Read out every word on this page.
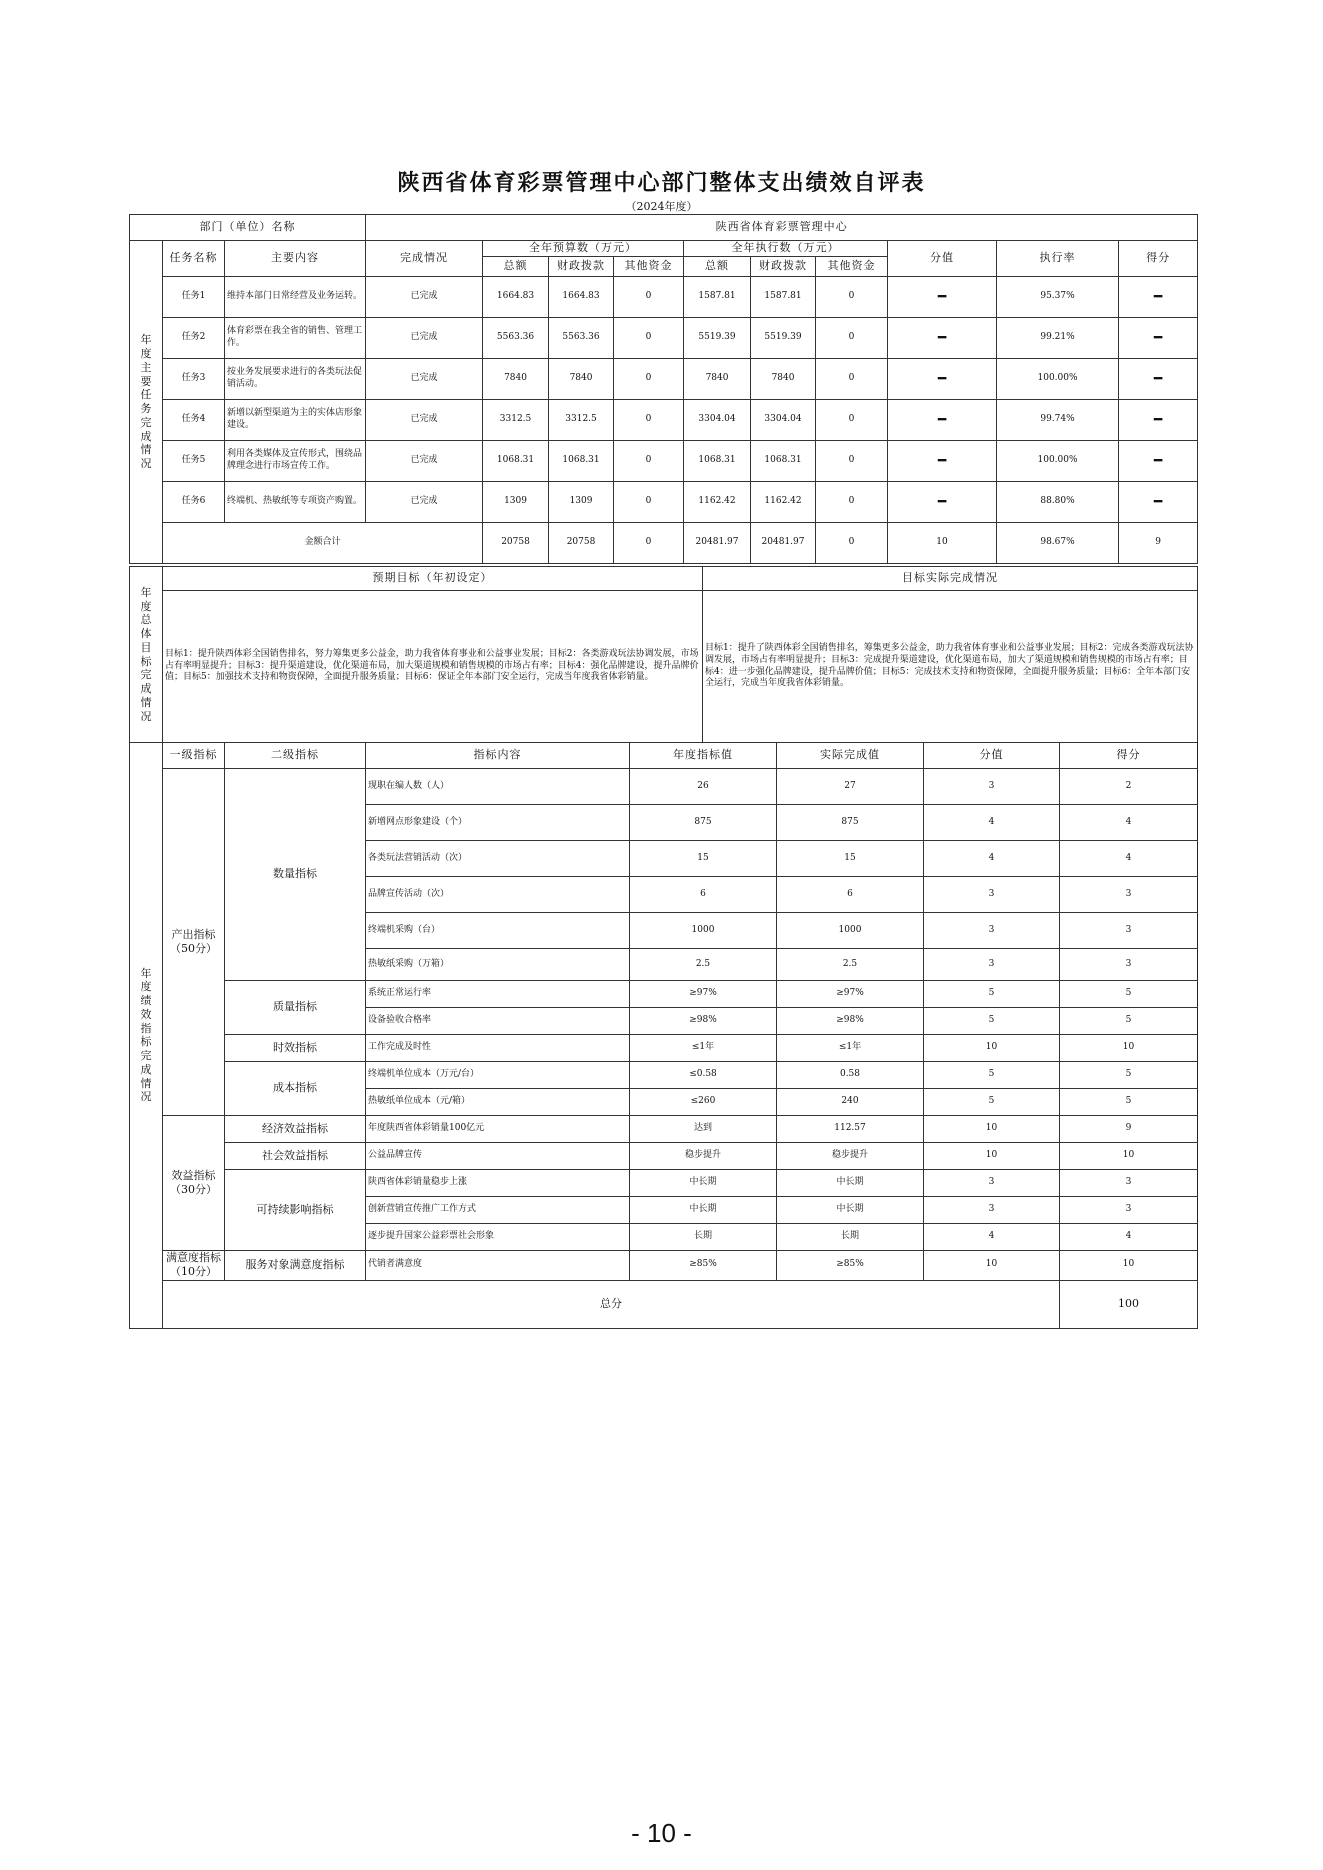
陕西省体育彩票管理中心部门整体支出绩效自评表
（2024年度）
部门（单位）名称			陕西省体育彩票管理中心									

年度主要任务完成情况	任务名称	主要内容	完成情况	全年预算数（万元）			全年执行数（万元）			分值	执行率	得分
				总额	财政拨款	其他资金	总额	财政拨款	其他资金			
	任务1	维持本部门日常经营及业务运转。	已完成	1664.83	1664.83	0	1587.81	1587.81	0	━	95.37%	━
	任务2	体育彩票在我全省的销售、管理工作。	已完成	5563.36	5563.36	0	5519.39	5519.39	0	━	99.21%	━
	任务3	按业务发展要求进行的各类玩法促销活动。	已完成	7840	7840	0	7840	7840	0	━	100.00%	━
	任务4	新增以新型渠道为主的实体店形象建设。	已完成	3312.5	3312.5	0	3304.04	3304.04	0	━	99.74%	━
	任务5	利用各类媒体及宣传形式，围绕品牌理念进行市场宣传工作。	已完成	1068.31	1068.31	0	1068.31	1068.31	0	━	100.00%	━
	任务6	终端机、热敏纸等专项资产购置。	已完成	1309	1309	0	1162.42	1162.42	0	━	88.80%	━
	金额合计			20758	20758	0	20481.97	20481.97	0	10	98.67%	9
年度总体目标完成情况	预期目标（年初设定）	目标实际完成情况
	目标1：提升陕西体彩全国销售排名，努力筹集更多公益金，助力我省体育事业和公益事业发展；目标2：各类游戏玩法协调发展，市场占有率明显提升；目标3：提升渠道建设，优化渠道布局，加大渠道规模和销售规模的市场占有率；目标4：强化品牌建设，提升品牌价值；目标5：加强技术支持和物资保障，全面提升服务质量；目标6：保证全年本部门安全运行，完成当年度我省体彩销量。	目标1：提升了陕西体彩全国销售排名，筹集更多公益金，助力我省体育事业和公益事业发展；目标2：完成各类游戏玩法协调发展，市场占有率明显提升；目标3：完成提升渠道建设，优化渠道布局，加大了渠道规模和销售规模的市场占有率；目标4：进一步强化品牌建设，提升品牌价值；目标5：完成技术支持和物资保障，全面提升服务质量；目标6：全年本部门安全运行，完成当年度我省体彩销量。
年度绩效指标完成情况	一级指标	二级指标	指标内容	年度指标值	实际完成值	分值	得分	
	产出指标（50分）	数量指标	现职在编人数（人）	26	27	3	2	
			新增网点形象建设（个）	875	875	4	4	
			各类玩法营销活动（次）	15	15	4	4	
			品牌宣传活动（次）	6	6	3	3	
			终端机采购（台）	1000	1000	3	3	
			热敏纸采购（万箱）	2.5	2.5	3	3	
		质量指标	系统正常运行率	≥97%	≥97%	5	5	
			设备验收合格率	≥98%	≥98%	5	5	
		时效指标	工作完成及时性	≤1年	≤1年	10	10	
		成本指标	终端机单位成本（万元/台）	≤0.58	0.58	5	5	
			热敏纸单位成本（元/箱）	≤260	240	5	5	
	效益指标（30分）	经济效益指标	年度陕西省体彩销量100亿元	达到	112.57	10	9	
		社会效益指标	公益品牌宣传	稳步提升	稳步提升	10	10	
		可持续影响指标	陕西省体彩销量稳步上涨	中长期	中长期	3	3	
			创新营销宣传推广工作方式	中长期	中长期	3	3	
			逐步提升国家公益彩票社会形象	长期	长期	4	4	
	满意度指标（10分）	服务对象满意度指标	代销者满意度	≥85%	≥85%	10	10	
	总分						100	
- 10 -
